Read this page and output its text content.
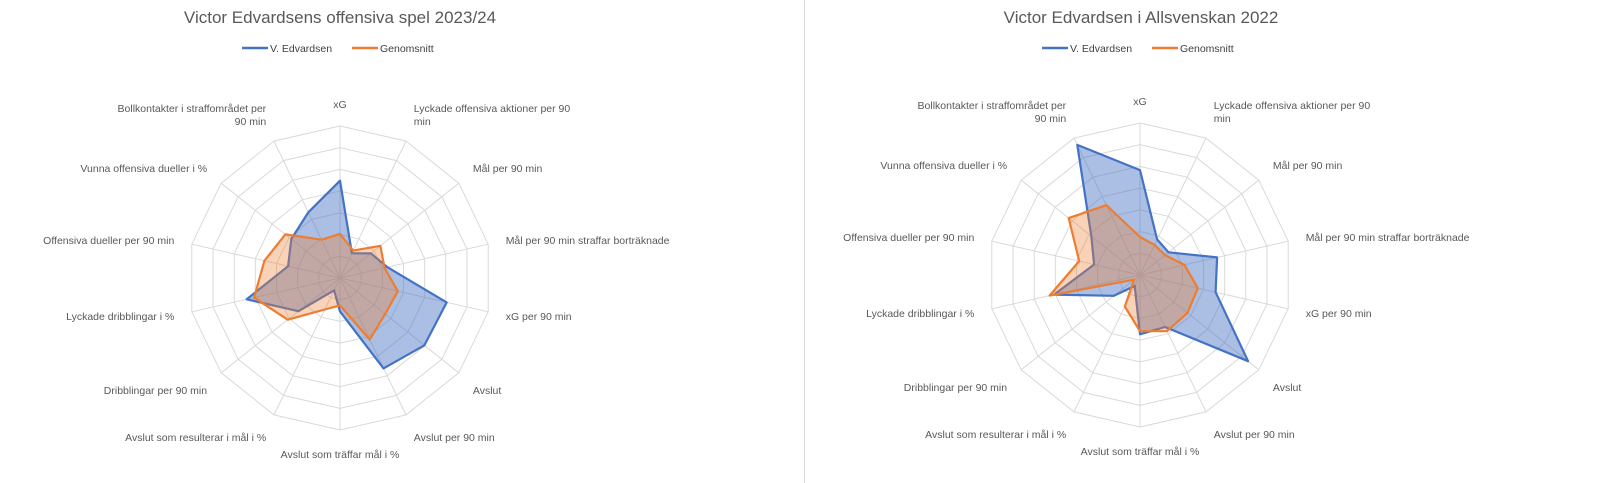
Victor Edvardsens offensiva spel 2023/24
V. Edvardsen	Genomsnitt
xG	Lyckade offensiva aktioner per 90 min
Mål per 90 min
Mål per 90 min straffar borträknade
xG per 90 min
Avslut
Avslut per 90 min
Avslut som träffar mål i %
Avslut som resulterar i mål i %
Dribblingar per 90 min
Lyckade dribblingar i %
Offensiva dueller per 90 min
Vunna offensiva dueller i %
Bollkontakter i straffområdet per 90 min
Victor Edvardsen i Allsvenskan 2022
V. Edvardsen	Genomsnitt
xG	Lyckade offensiva aktioner per 90 min
Mål per 90 min
Mål per 90 min straffar borträknade
xG per 90 min
Avslut
Avslut per 90 min
Avslut som träffar mål i %
Avslut som resulterar i mål i %
Dribblingar per 90 min
Lyckade dribblingar i %
Offensiva dueller per 90 min
Vunna offensiva dueller i %
Bollkontakter i straffområdet per 90 min
